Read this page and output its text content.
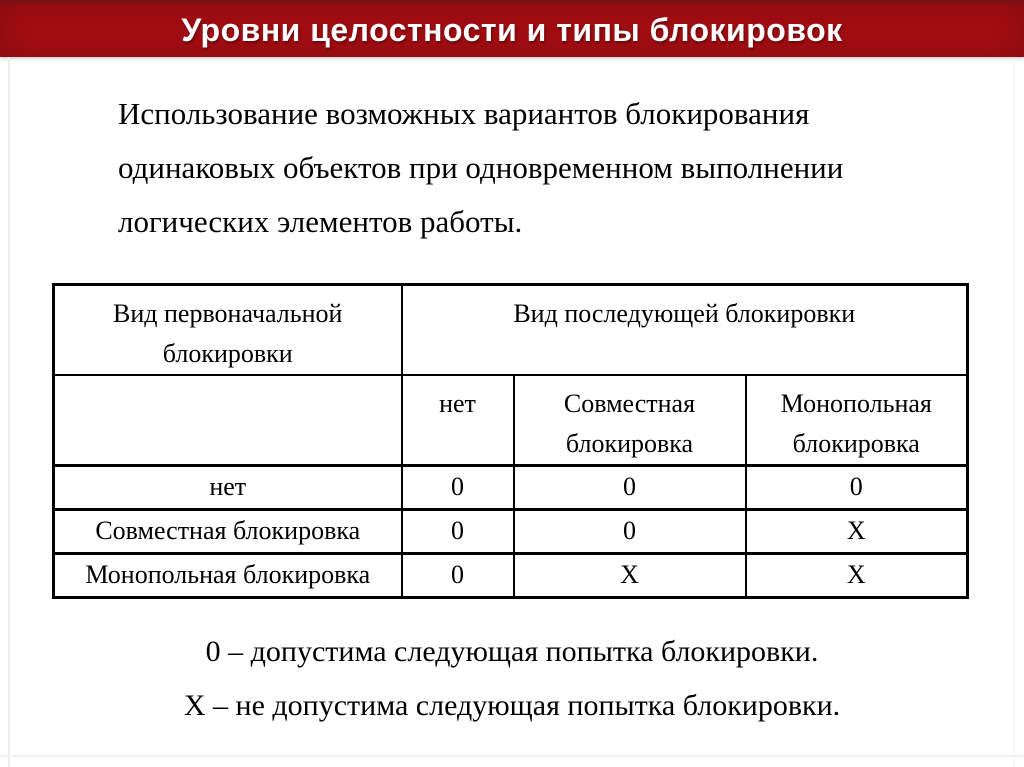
Уровни целостности и типы блокировок

Использование возможных вариантов блокирования одинаковых объектов при одновременном выполнении логических элементов работы.

Вид первоначальной блокировки	Вид последующей блокировки		
	нет	Совместная блокировка	Монопольная блокировка
нет	0	0	0
Совместная блокировка	0	0	X
Монопольная блокировка	0	X	X

0 – допустима следующая попытка блокировки.

X – не допустима следующая попытка блокировки.
